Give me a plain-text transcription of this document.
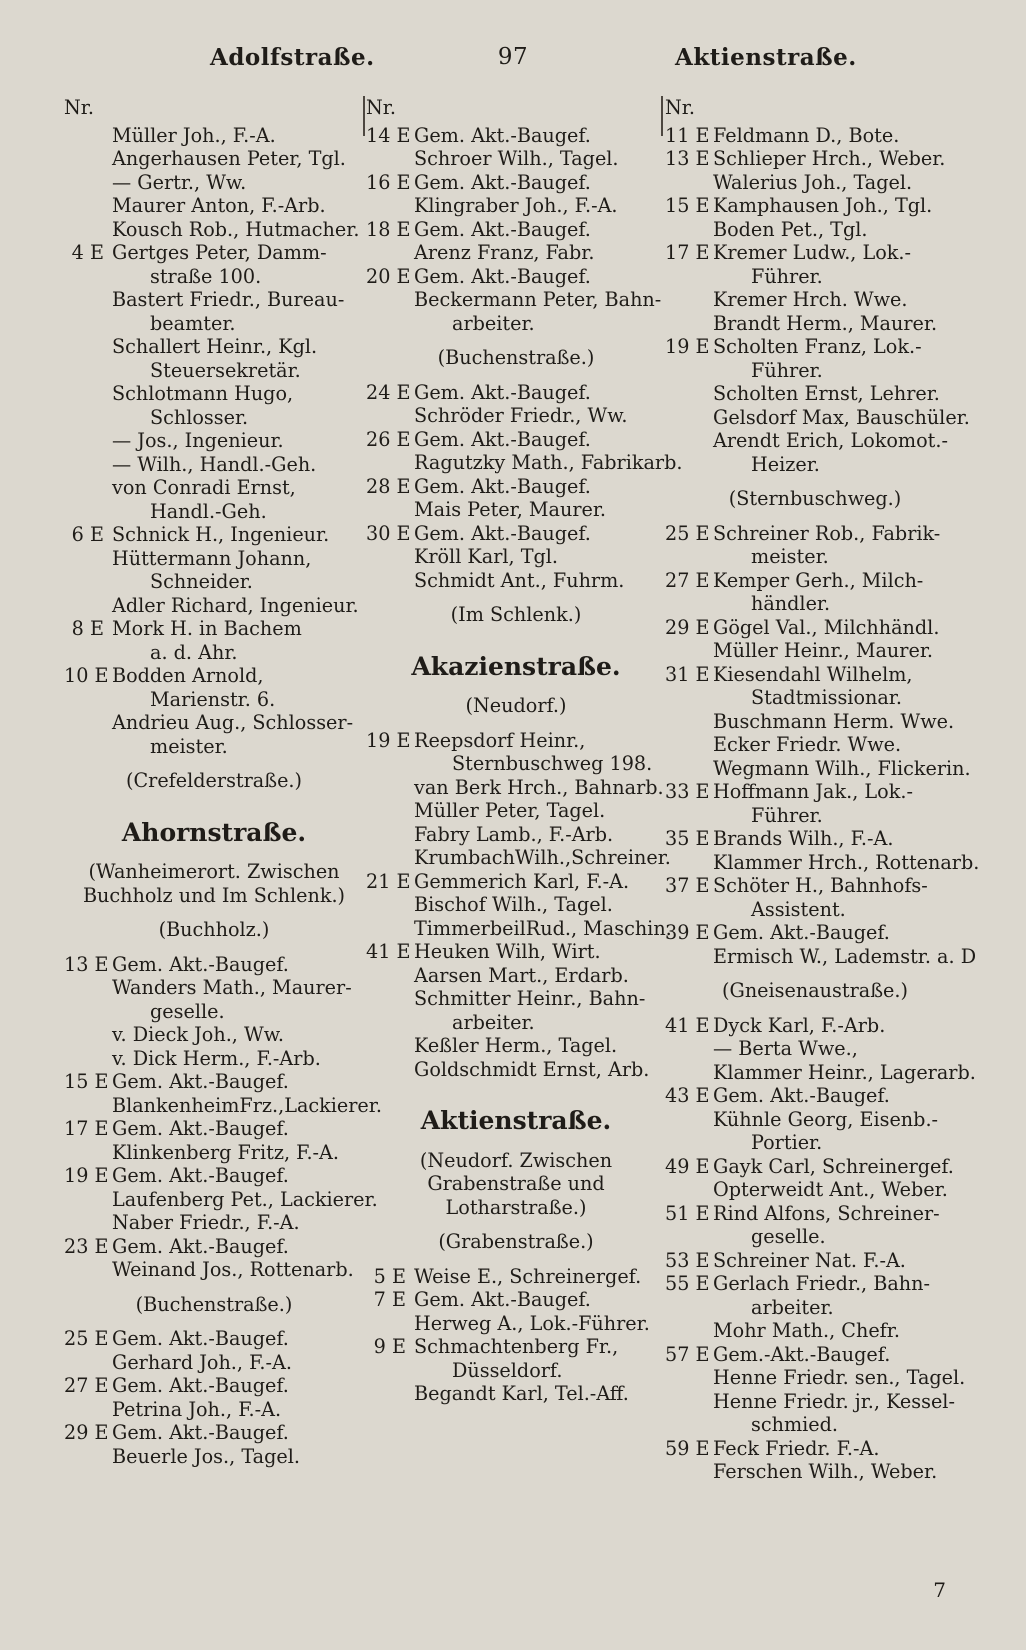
Adolfstraße.	97	Aktienstraße.
Nr.
Müller Joh., F.-A.
Angerhausen Peter, Tgl.
— Gertr., Ww.
Maurer Anton, F.-Arb.
Kousch Rob., Hutmacher.
4 E Gertges Peter, Damm-
straße 100.
Bastert Friedr., Bureau-
beamter.
Schallert Heinr., Kgl.
Steuersekretär.
Schlotmann Hugo,
Schlosser.
— Jos., Ingenieur.
— Wilh., Handl.-Geh.
von Conradi Ernst,
Handl.-Geh.
6 E Schnick H., Ingenieur.
Hüttermann Johann,
Schneider.
Adler Richard, Ingenieur.
8 E Mork H. in Bachem
a. d. Ahr.
10 E Bodden Arnold,
Marienstr. 6.
Andrieu Aug., Schlosser-
meister.
(Crefelderstraße.)
Ahornstraße.
(Wanheimerort. Zwischen Buchholz und Im Schlenk.)
(Buchholz.)
13 E Gem. Akt.-Baugef.
Wanders Math., Maurer-
geselle.
v. Dieck Joh., Ww.
v. Dick Herm., F.-Arb.
15 E Gem. Akt.-Baugef.
BlankenheimFrz.,Lackierer.
17 E Gem. Akt.-Baugef.
Klinkenberg Fritz, F.-A.
19 E Gem. Akt.-Baugef.
Laufenberg Pet., Lackierer.
Naber Friedr., F.-A.
23 E Gem. Akt.-Baugef.
Weinand Jos., Rottenarb.
(Buchenstraße.)
25 E Gem. Akt.-Baugef.
Gerhard Joh., F.-A.
27 E Gem. Akt.-Baugef.
Petrina Joh., F.-A.
29 E Gem. Akt.-Baugef.
Beuerle Jos., Tagel.
Nr.
14 E Gem. Akt.-Baugef.
Schroer Wilh., Tagel.
16 E Gem. Akt.-Baugef.
Klingraber Joh., F.-A.
18 E Gem. Akt.-Baugef.
Arenz Franz, Fabr.
20 E Gem. Akt.-Baugef.
Beckermann Peter, Bahn-
arbeiter.
(Buchenstraße.)
24 E Gem. Akt.-Baugef.
Schröder Friedr., Ww.
26 E Gem. Akt.-Baugef.
Ragutzky Math., Fabrikarb.
28 E Gem. Akt.-Baugef.
Mais Peter, Maurer.
30 E Gem. Akt.-Baugef.
Kröll Karl, Tgl.
Schmidt Ant., Fuhrm.
(Im Schlenk.)
Akazienstraße.
(Neudorf.)
19 E Reepsdorf Heinr.,
Sternbuschweg 198.
van Berk Hrch., Bahnarb.
Müller Peter, Tagel.
Fabry Lamb., F.-Arb.
KrumbachWilh.,Schreiner.
21 E Gemmerich Karl, F.-A.
Bischof Wilh., Tagel.
TimmerbeilRud., Maschin.
41 E Heuken Wilh, Wirt.
Aarsen Mart., Erdarb.
Schmitter Heinr., Bahn-
arbeiter.
Keßler Herm., Tagel.
Goldschmidt Ernst, Arb.
Aktienstraße.
(Neudorf. Zwischen Grabenstraße und Lotharstraße.)
(Grabenstraße.)
5 E Weise E., Schreinergef.
7 E Gem. Akt.-Baugef.
Herweg A., Lok.-Führer.
9 E Schmachtenberg Fr.,
Düsseldorf.
Begandt Karl, Tel.-Aff.
Nr.
11 E Feldmann D., Bote.
13 E Schlieper Hrch., Weber.
Walerius Joh., Tagel.
15 E Kamphausen Joh., Tgl.
Boden Pet., Tgl.
17 E Kremer Ludw., Lok.-
Führer.
Kremer Hrch. Wwe.
Brandt Herm., Maurer.
19 E Scholten Franz, Lok.-
Führer.
Scholten Ernst, Lehrer.
Gelsdorf Max, Bauschüler.
Arendt Erich, Lokomot.-
Heizer.
(Sternbuschweg.)
25 E Schreiner Rob., Fabrik-
meister.
27 E Kemper Gerh., Milch-
händler.
29 E Gögel Val., Milchhändl.
Müller Heinr., Maurer.
31 E Kiesendahl Wilhelm,
Stadtmissionar.
Buschmann Herm. Wwe.
Ecker Friedr. Wwe.
Wegmann Wilh., Flickerin.
33 E Hoffmann Jak., Lok.-
Führer.
35 E Brands Wilh., F.-A.
Klammer Hrch., Rottenarb.
37 E Schöter H., Bahnhofs-
Assistent.
39 E Gem. Akt.-Baugef.
Ermisch W., Lademstr. a. D
(Gneisenaustraße.)
41 E Dyck Karl, F.-Arb.
— Berta Wwe.,
Klammer Heinr., Lagerarb.
43 E Gem. Akt.-Baugef.
Kühnle Georg, Eisenb.-
Portier.
49 E Gayk Carl, Schreinergef.
Opterweidt Ant., Weber.
51 E Rind Alfons, Schreiner-
geselle.
53 E Schreiner Nat. F.-A.
55 E Gerlach Friedr., Bahn-
arbeiter.
Mohr Math., Chefr.
57 E Gem.-Akt.-Baugef.
Henne Friedr. sen., Tagel.
Henne Friedr. jr., Kessel-
schmied.
59 E Feck Friedr. F.-A.
Ferschen Wilh., Weber.
7
